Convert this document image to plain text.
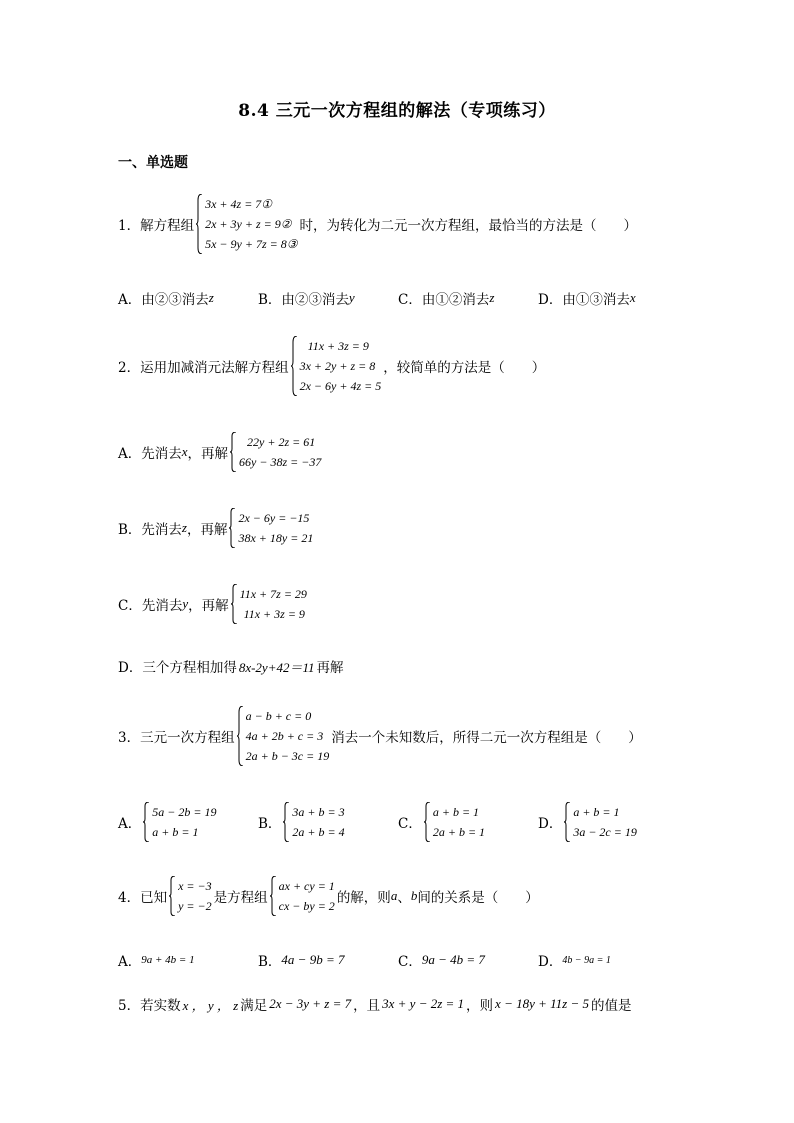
8.4 三元一次方程组的解法（专项练习）
一、单选题
1． 解方程组
3x + 4z = 7①
2x + 3y + z = 9②
5x − 9y + 7z = 8③
时，为转化为二元一次方程组，最恰当的方法是（　　）
A． 由②③消去 z	B． 由②③消去 y	C． 由①②消去 z	D． 由①③消去 x
2． 运用加减消元法解方程组
11x + 3z = 9
3x + 2y + z = 8
2x − 6y + 4z = 5
，较简单的方法是（　　）
A． 先消去 x ，再解
22y + 2z = 61
66y − 38z = −37
B． 先消去 z ，再解
2x − 6y = −15
38x + 18y = 21
C． 先消去 y ，再解
11x + 7z = 29
11x + 3z = 9
D． 三个方程相加得 8x-2y+42＝11 再解
3． 三元一次方程组
a − b + c = 0
4a + 2b + c = 3
2a + b − 3c = 19
消去一个未知数后，所得二元一次方程组是（　　）
A．
5a − 2b = 19
a + b = 1	B．
3a + b = 3
2a + b = 4	C．
a + b = 1
2a + b = 1	D．
a + b = 1
3a − 2c = 19
4． 已知
x = −3
y = −2 是方程组
ax + cy = 1
cx − by = 2 的解，则 a 、 b 间的关系是（　　）
A． 9a + 4b = 1	B． 4a − 9b = 7	C． 9a − 4b = 7	D． 4b − 9a = 1
5． 若实数 x ， y ， z 满足 2x − 3y + z = 7 ，且 3x + y − 2z = 1 ，则 x − 18y + 11z − 5 的值是
